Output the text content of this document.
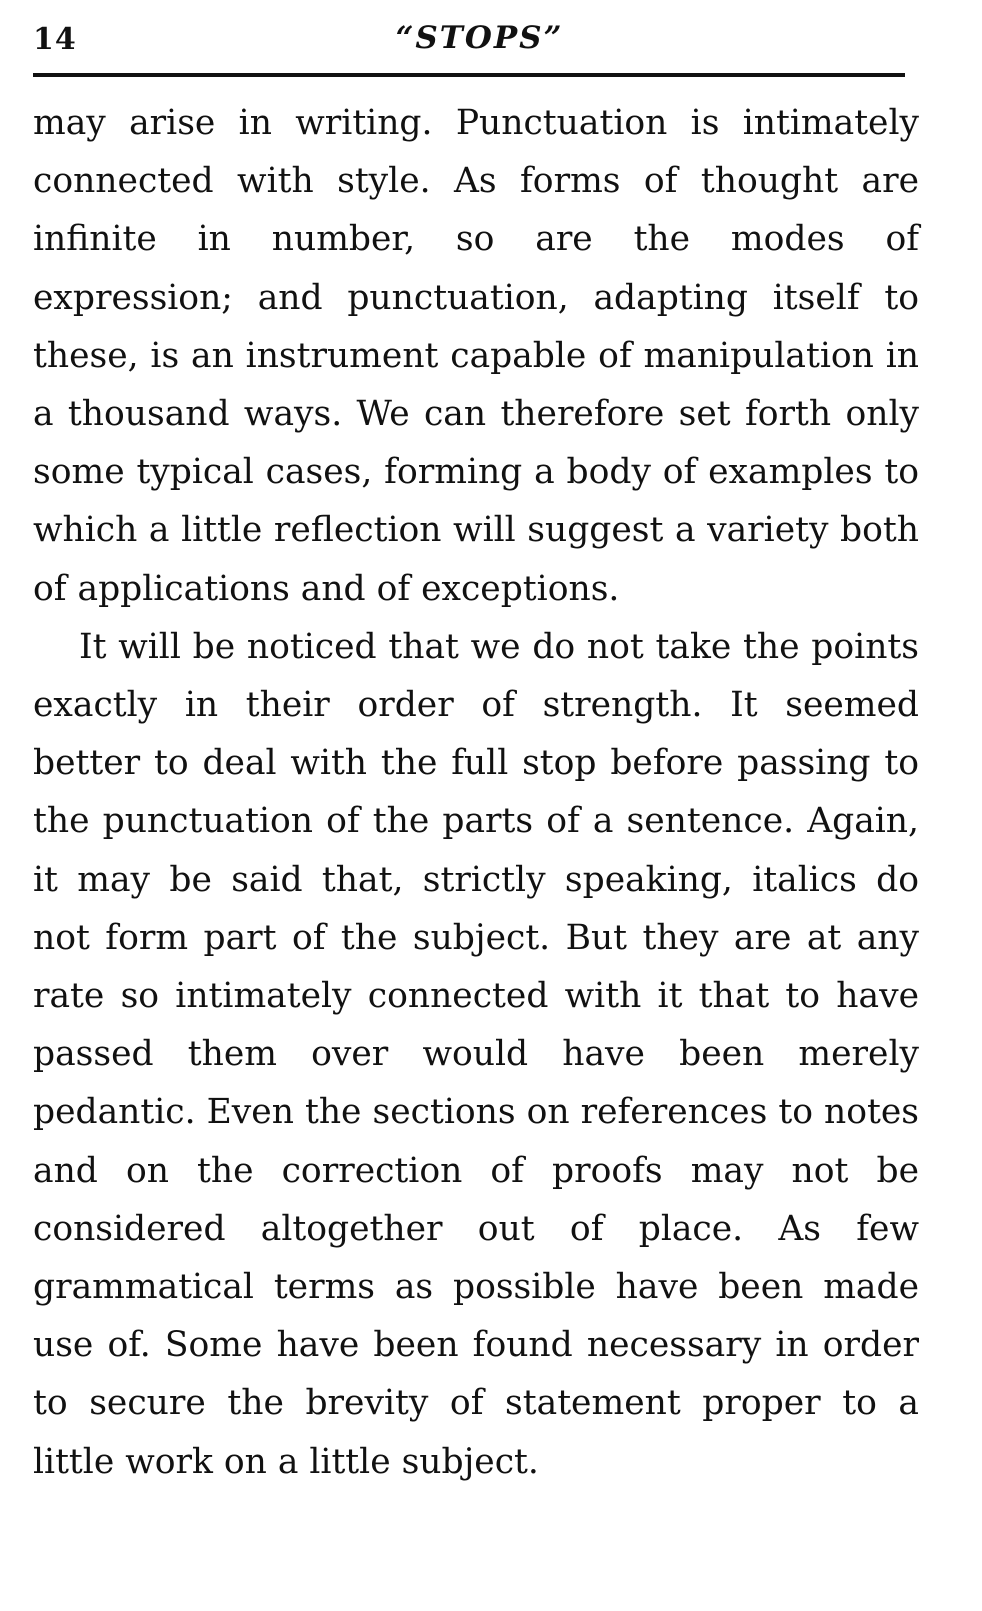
14	“STOPS”

may arise in writing. Punctuation is intimately connected with style. As forms of thought are infinite in number, so are the modes of expression; and punctuation, adapting itself to these, is an instrument capable of manipulation in a thousand ways. We can therefore set forth only some typical cases, forming a body of examples to which a little reflection will suggest a variety both of applications and of exceptions.

It will be noticed that we do not take the points exactly in their order of strength. It seemed better to deal with the full stop before passing to the punctuation of the parts of a sentence. Again, it may be said that, strictly speaking, italics do not form part of the subject. But they are at any rate so intimately connected with it that to have passed them over would have been merely pedantic. Even the sections on references to notes and on the correction of proofs may not be considered altogether out of place. As few grammatical terms as possible have been made use of. Some have been found necessary in order to secure the brevity of statement proper to a little work on a little subject.
